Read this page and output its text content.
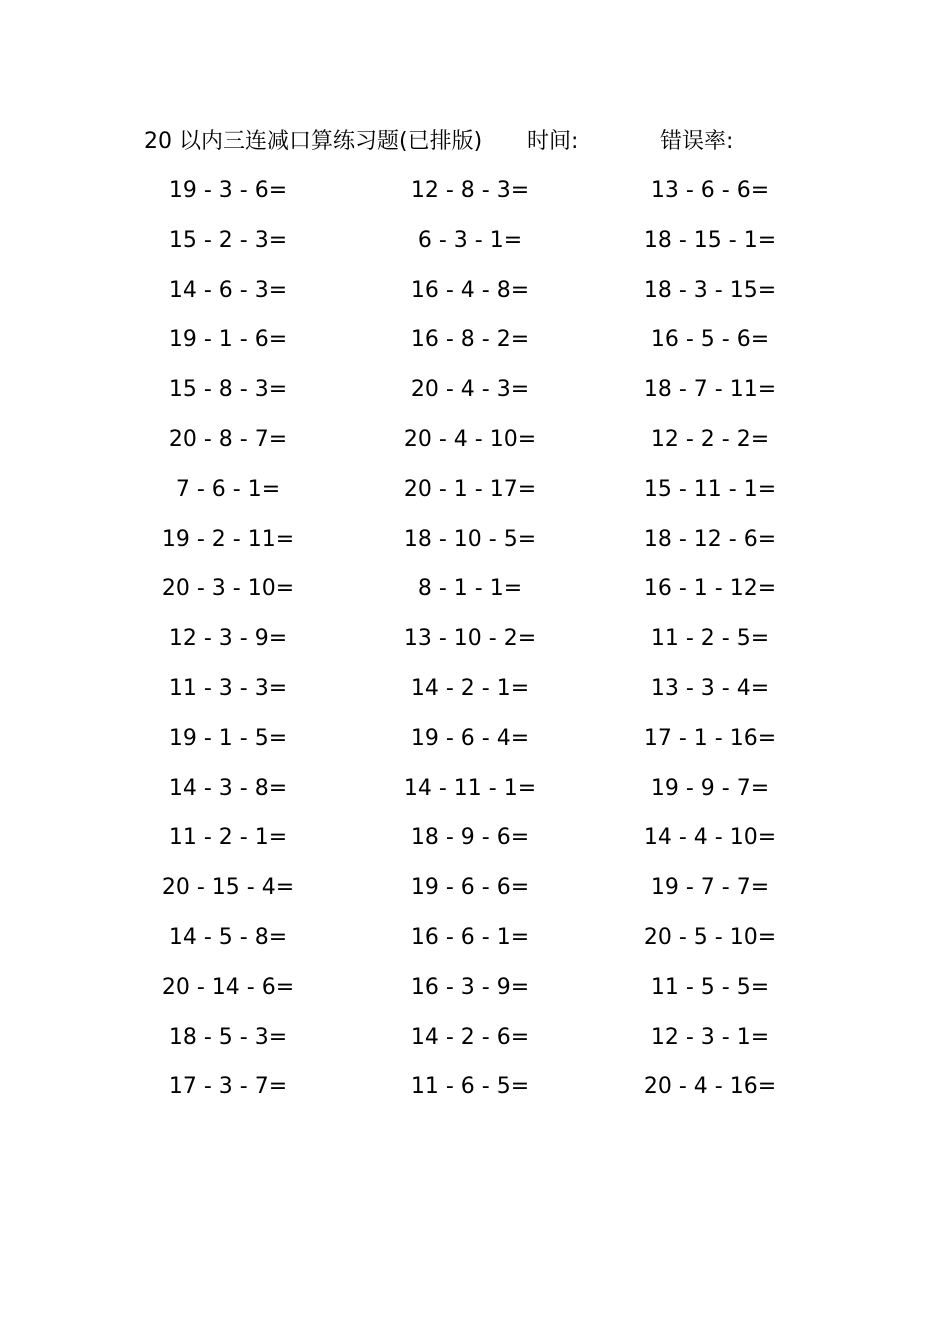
20 以内三连减口算练习题(已排版) 时间:	错误率:
19 - 3 - 6=	12 - 8 - 3=	13 - 6 - 6=
15 - 2 - 3=	6 - 3 - 1=	18 - 15 - 1=
14 - 6 - 3=	16 - 4 - 8=	18 - 3 - 15=
19 - 1 - 6=	16 - 8 - 2=	16 - 5 - 6=
15 - 8 - 3=	20 - 4 - 3=	18 - 7 - 11=
20 - 8 - 7=	20 - 4 - 10=	12 - 2 - 2=
7 - 6 - 1=	20 - 1 - 17=	15 - 11 - 1=
19 - 2 - 11=	18 - 10 - 5=	18 - 12 - 6=
20 - 3 - 10=	8 - 1 - 1=	16 - 1 - 12=
12 - 3 - 9=	13 - 10 - 2=	11 - 2 - 5=
11 - 3 - 3=	14 - 2 - 1=	13 - 3 - 4=
19 - 1 - 5=	19 - 6 - 4=	17 - 1 - 16=
14 - 3 - 8=	14 - 11 - 1=	19 - 9 - 7=
11 - 2 - 1=	18 - 9 - 6=	14 - 4 - 10=
20 - 15 - 4=	19 - 6 - 6=	19 - 7 - 7=
14 - 5 - 8=	16 - 6 - 1=	20 - 5 - 10=
20 - 14 - 6=	16 - 3 - 9=	11 - 5 - 5=
18 - 5 - 3=	14 - 2 - 6=	12 - 3 - 1=
17 - 3 - 7=	11 - 6 - 5=	20 - 4 - 16=
